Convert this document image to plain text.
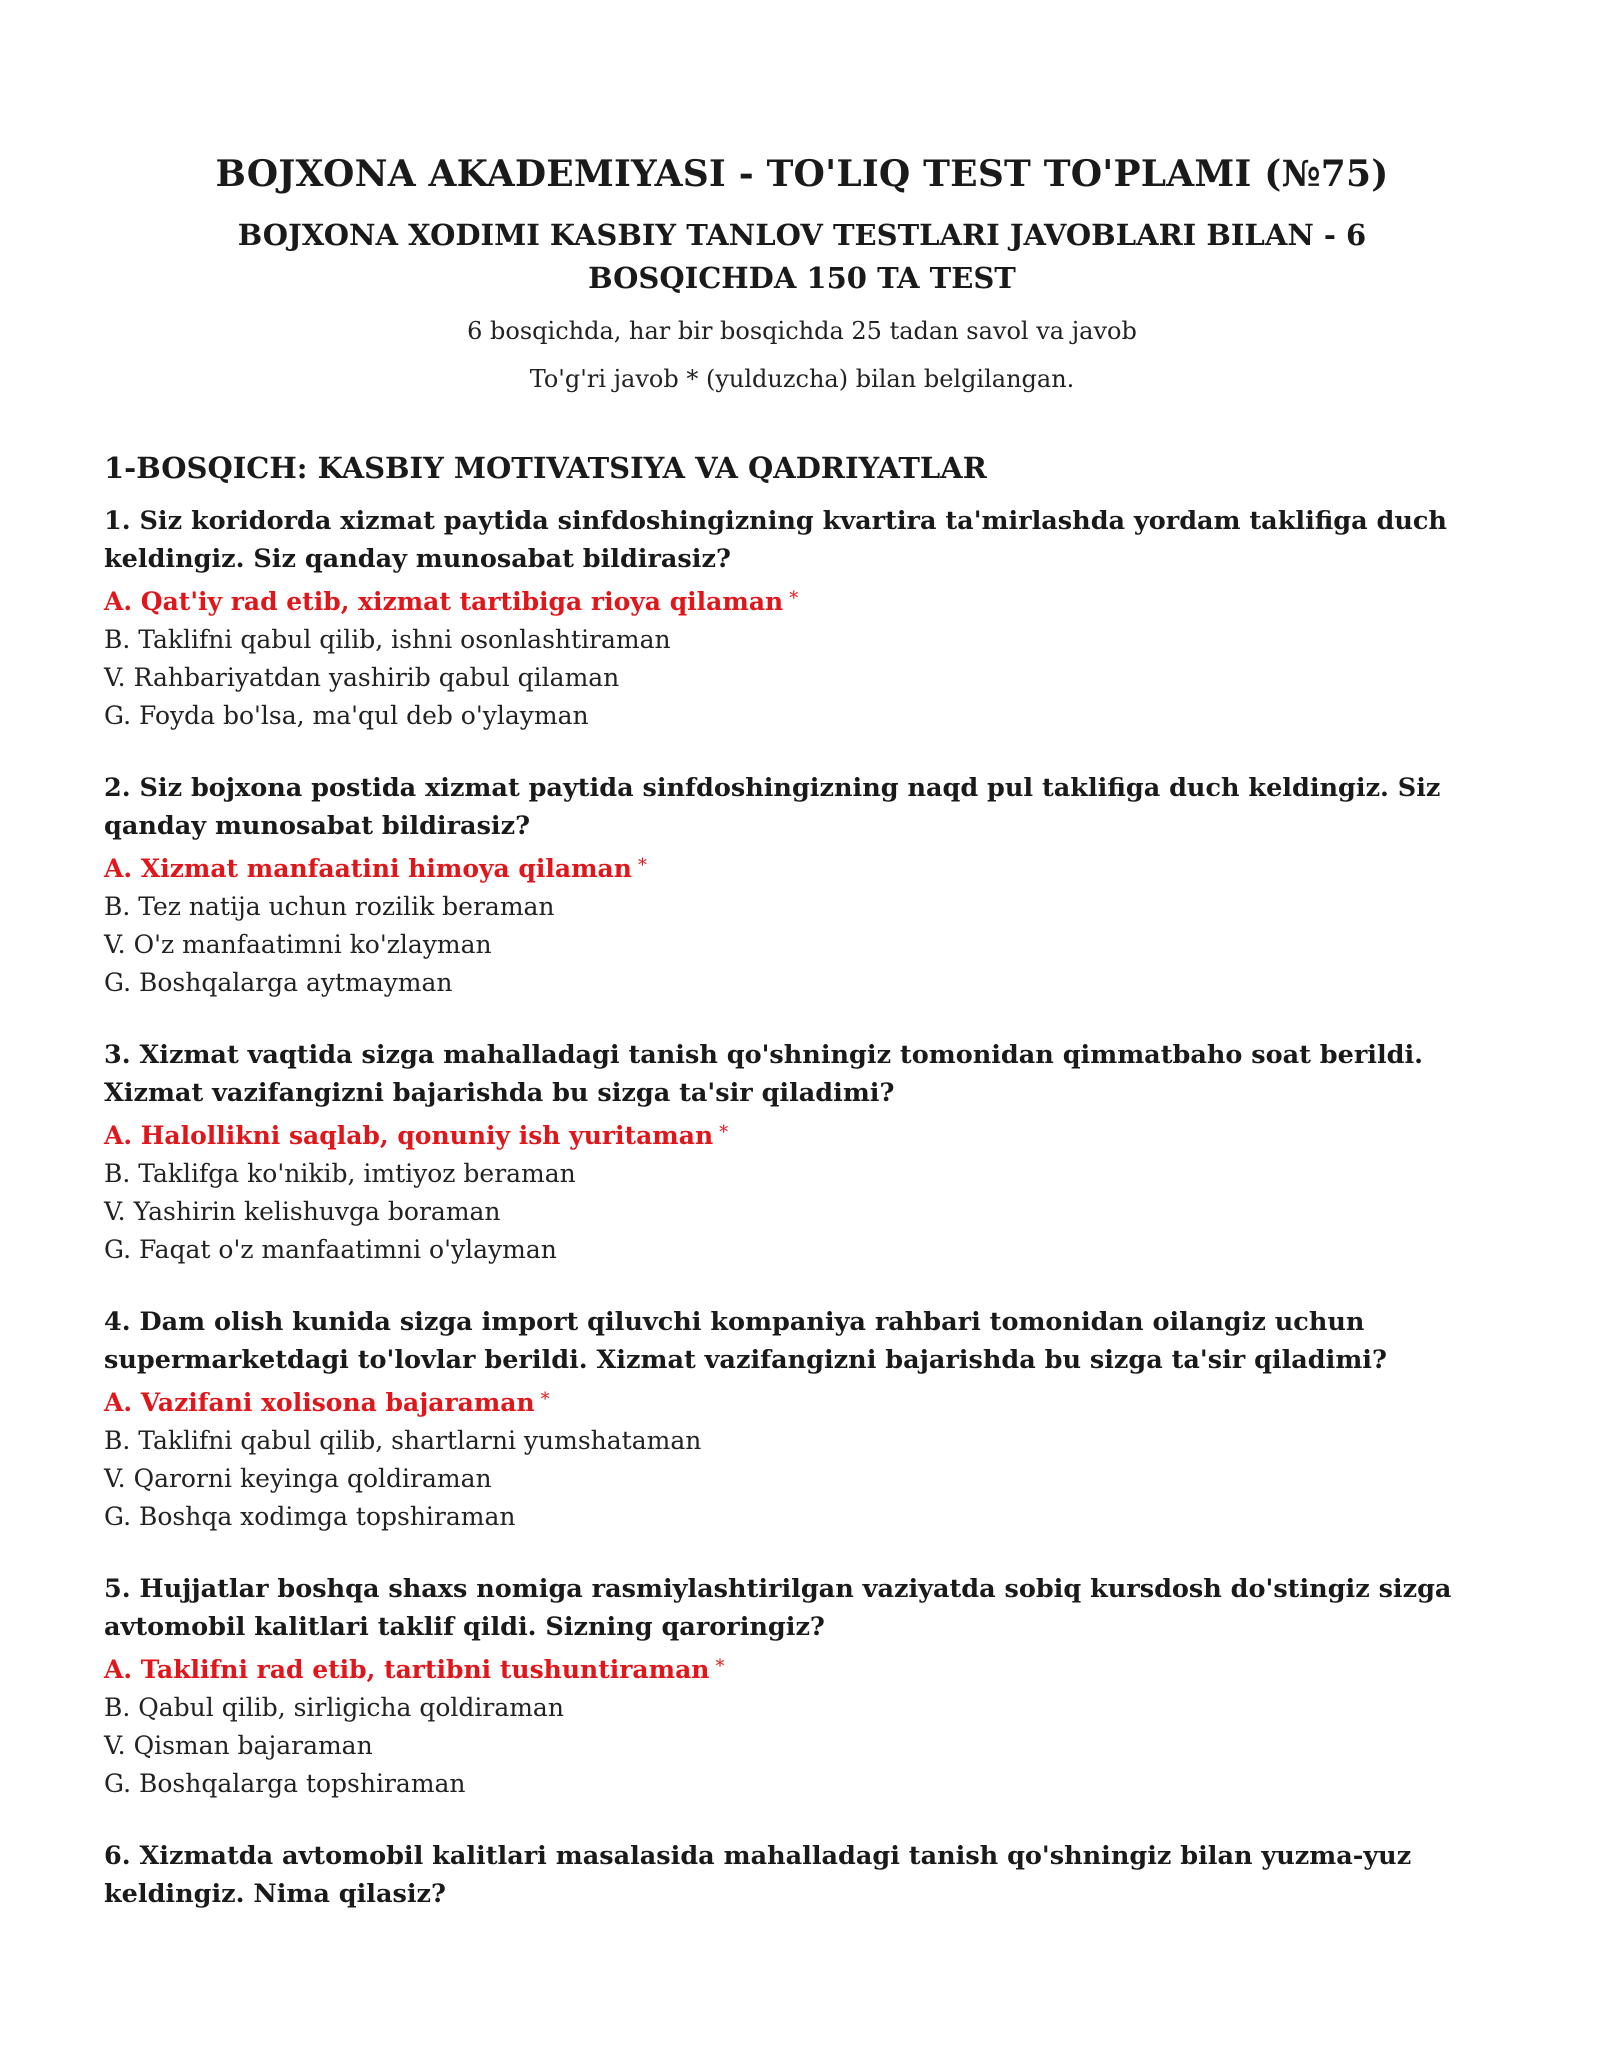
BOJXONA AKADEMIYASI - TO'LIQ TEST TO'PLAMI (№75)
BOJXONA XODIMI KASBIY TANLOV TESTLARI JAVOBLARI BILAN - 6 BOSQICHDA 150 TA TEST

6 bosqichda, har bir bosqichda 25 tadan savol va javob

To'g'ri javob * (yulduzcha) bilan belgilangan.

1-BOSQICH: KASBIY MOTIVATSIYA VA QADRIYATLAR

1. Siz koridorda xizmat paytida sinfdoshingizning kvartira ta'mirlashda yordam taklifiga duch keldingiz. Siz qanday munosabat bildirasiz?

A. Qat'iy rad etib, xizmat tartibiga rioya qilaman *
B. Taklifni qabul qilib, ishni osonlashtiraman
V. Rahbariyatdan yashirib qabul qilaman
G. Foyda bo'lsa, ma'qul deb o'ylayman

2. Siz bojxona postida xizmat paytida sinfdoshingizning naqd pul taklifiga duch keldingiz. Siz qanday munosabat bildirasiz?

A. Xizmat manfaatini himoya qilaman *
B. Tez natija uchun rozilik beraman
V. O'z manfaatimni ko'zlayman
G. Boshqalarga aytmayman

3. Xizmat vaqtida sizga mahalladagi tanish qo'shningiz tomonidan qimmatbaho soat berildi. Xizmat vazifangizni bajarishda bu sizga ta'sir qiladimi?

A. Halollikni saqlab, qonuniy ish yuritaman *
B. Taklifga ko'nikib, imtiyoz beraman
V. Yashirin kelishuvga boraman
G. Faqat o'z manfaatimni o'ylayman

4. Dam olish kunida sizga import qiluvchi kompaniya rahbari tomonidan oilangiz uchun supermarketdagi to'lovlar berildi. Xizmat vazifangizni bajarishda bu sizga ta'sir qiladimi?

A. Vazifani xolisona bajaraman *
B. Taklifni qabul qilib, shartlarni yumshataman
V. Qarorni keyinga qoldiraman
G. Boshqa xodimga topshiraman

5. Hujjatlar boshqa shaxs nomiga rasmiylashtirilgan vaziyatda sobiq kursdosh do'stingiz sizga avtomobil kalitlari taklif qildi. Sizning qaroringiz?

A. Taklifni rad etib, tartibni tushuntiraman *
B. Qabul qilib, sirligicha qoldiraman
V. Qisman bajaraman
G. Boshqalarga topshiraman

6. Xizmatda avtomobil kalitlari masalasida mahalladagi tanish qo'shningiz bilan yuzma-yuz keldingiz. Nima qilasiz?
